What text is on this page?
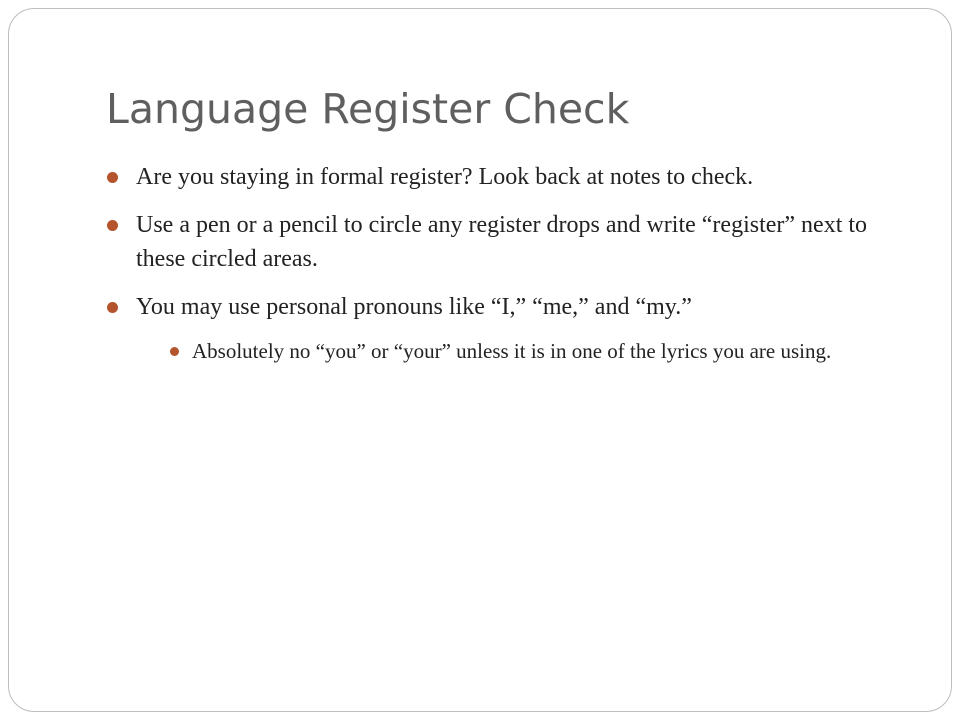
Language Register Check
Are you staying in formal register? Look back at notes to check.
Use a pen or a pencil to circle any register drops and write “register” next to these circled areas.
You may use personal pronouns like “I,” “me,” and “my.”
Absolutely no “you” or “your” unless it is in one of the lyrics you are using.
